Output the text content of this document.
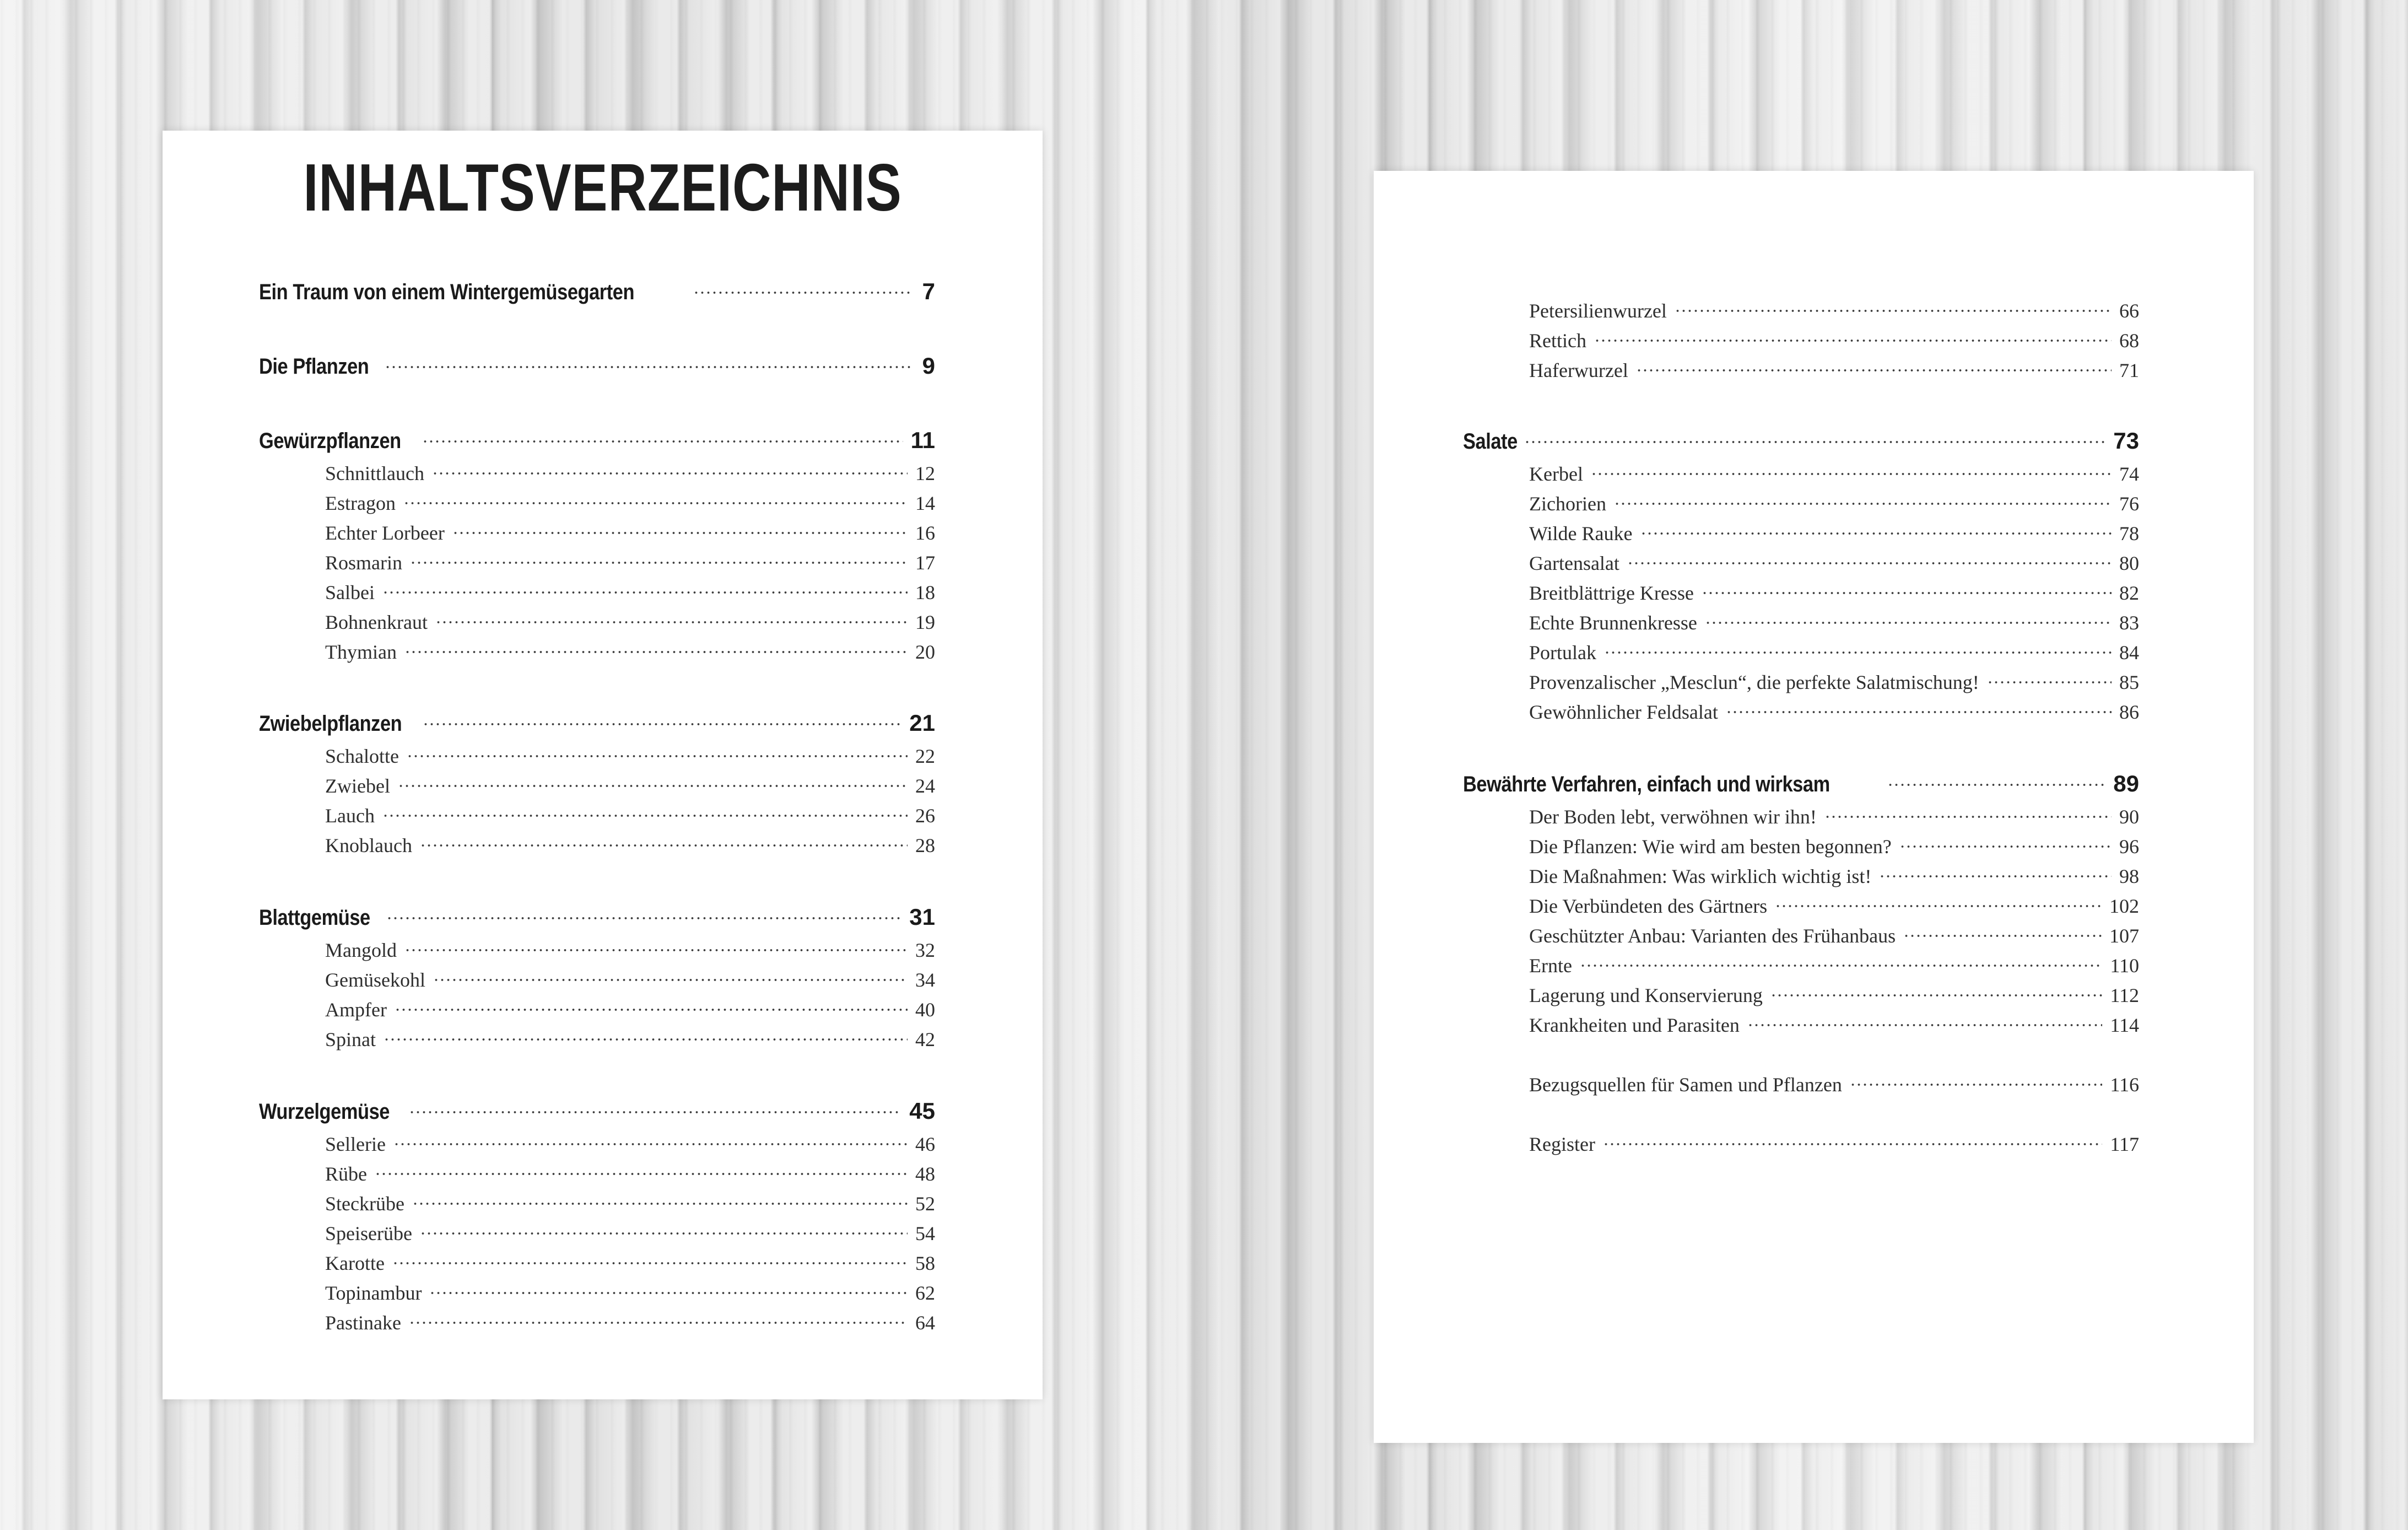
INHALTSVERZEICHNIS
Ein Traum von einem Wintergemüsegarten	7
Die Pflanzen	9
Gewürzpflanzen	11
Schnittlauch	12
Estragon	14
Echter Lorbeer	16
Rosmarin	17
Salbei	18
Bohnenkraut	19
Thymian	20
Zwiebelpflanzen	21
Schalotte	22
Zwiebel	24
Lauch	26
Knoblauch	28
Blattgemüse	31
Mangold	32
Gemüsekohl	34
Ampfer	40
Spinat	42
Wurzelgemüse	45
Sellerie	46
Rübe	48
Steckrübe	52
Speiserübe	54
Karotte	58
Topinambur	62
Pastinake	64
Petersilienwurzel	66
Rettich	68
Haferwurzel	71
Salate	73
Kerbel	74
Zichorien	76
Wilde Rauke	78
Gartensalat	80
Breitblättrige Kresse	82
Echte Brunnenkresse	83
Portulak	84
Provenzalischer „Mesclun“, die perfekte Salatmischung!	85
Gewöhnlicher Feldsalat	86
Bewährte Verfahren, einfach und wirksam	89
Der Boden lebt, verwöhnen wir ihn!	90
Die Pflanzen: Wie wird am besten begonnen?	96
Die Maßnahmen: Was wirklich wichtig ist!	98
Die Verbündeten des Gärtners	102
Geschützter Anbau: Varianten des Frühanbaus	107
Ernte	110
Lagerung und Konservierung	112
Krankheiten und Parasiten	114
Bezugsquellen für Samen und Pflanzen	116
Register	117
